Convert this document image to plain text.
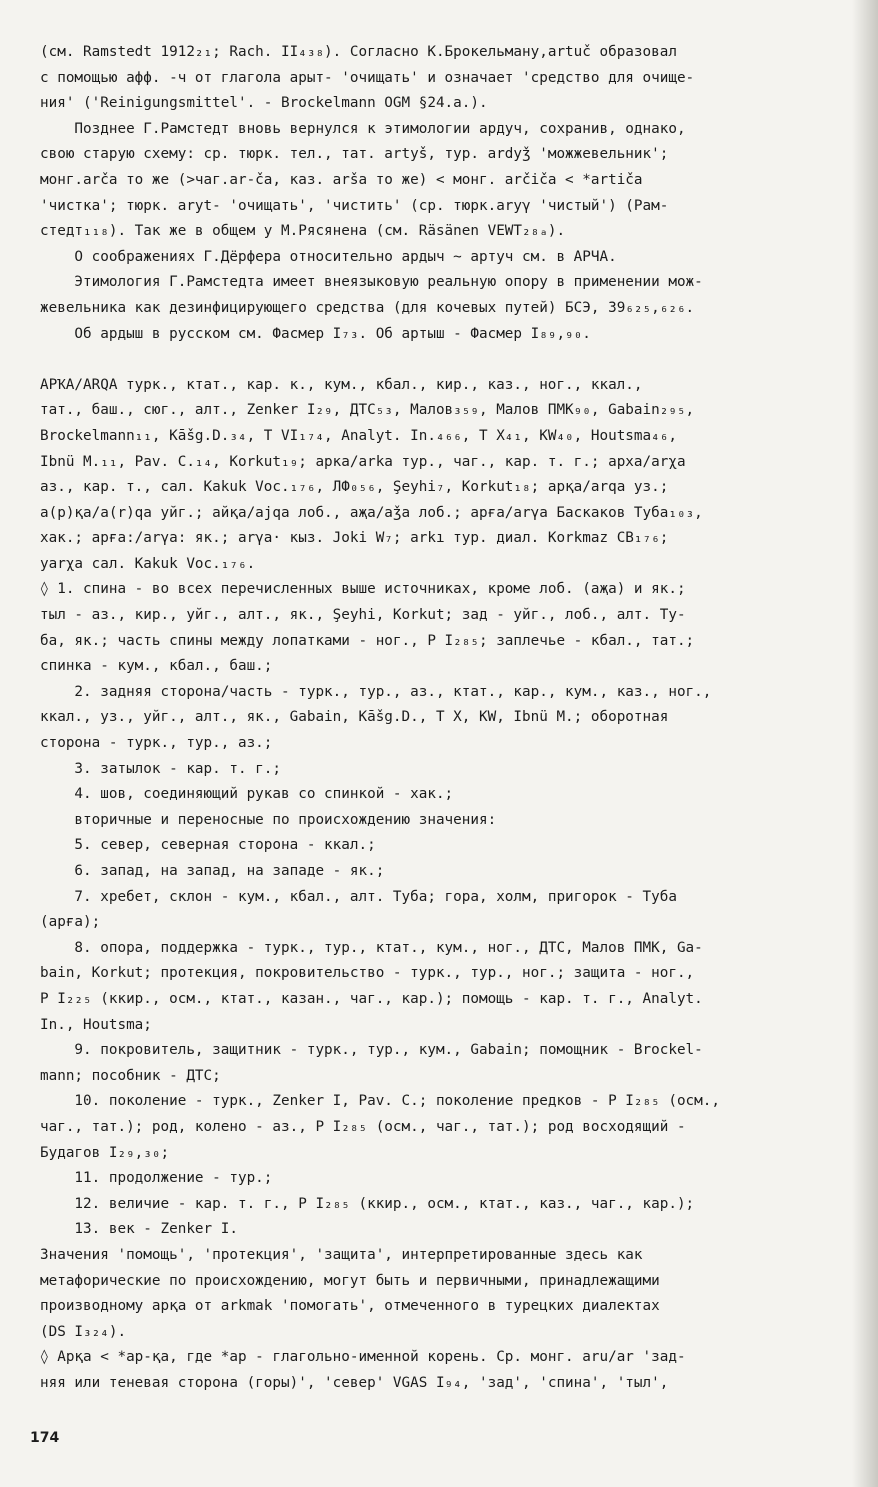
(см. Ramstedt 1912₂₁; Rach. II₄₃₈). Согласно К.Брокельману,artuč образовал
с помощью афф. -ч от глагола арыт- 'очищать' и означает 'средство для очище-
ния' ('Reinigungsmittel'. - Brockelmann OGM §24.a.).
Позднее Г.Рамстедт вновь вернулся к этимологии ардуч, сохранив, однако,
свою старую схему: ср. тюрк. тел., тат. artyš, тур. ardyǯ 'можжевельник';
монг.arča то же (>чаг.ar-ča, каз. arša то же) < монг. arčiča < *artiča
'чистка'; тюрк. aryt- 'очищать', 'чистить' (ср. тюрк.aryγ 'чистый') (Рам-
стедт₁₁₈). Так же в общем у М.Рясянена (см. Räsänen VEWT₂₈ₐ).
О соображениях Г.Дёрфера относительно ардыч ~ артуч см. в АРЧА.
Этимология Г.Рамстедта имеет внеязыковую реальную опору в применении мож-
жевельника как дезинфицирующего средства (для кочевых путей) БСЭ, 39₆₂₅,₆₂₆.
Об ардыш в русском см. Фасмер I₇₃. Об артыш - Фасмер I₈₉,₉₀.
АРҠА/ARQA турк., ктат., кар. к., кум., кбал., кир., каз., ног., ккал.,
тат., баш., сюг., алт., Zenker I₂₉, ДТС₅₃, Малов₃₅₉, Малов ПМК₉₀, Gabain₂₉₅,
Brockelmann₁₁, Kāšg.D.₃₄, T VI₁₇₄, Analyt. In.₄₆₆, T X₄₁, KW₄₀, Houtsma₄₆,
Ibnü M.₁₁, Pav. C.₁₄, Korkut₁₉; арка/arka тур., чаг., кар. т. г.; арха/arχa
аз., кар. т., сал. Kakuk Voc.₁₇₆, ЛФ₀₅₆, Şeyhi₇, Korkut₁₈; арқа/arqa уз.;
а(р)қа/a(r)qa уйг.; айқа/ajqa лоб., аҗа/aǯa лоб.; арға/arγa Баскаков Туба₁₀₃,
хак.; арға:/arγa: як.; arγa· кыз. Joki W₇; arkı тур. диал. Korkmaz CB₁₇₆;
yarχa сал. Kakuk Voc.₁₇₆.
◊ 1. спина - во всех перечисленных выше источниках, кроме лоб. (аҗа) и як.;
тыл - аз., кир., уйг., алт., як., Şeyhi, Korkut; зад - уйг., лоб., алт. Ту-
ба, як.; часть спины между лопатками - ног., Р I₂₈₅; заплечье - кбал., тат.;
спинка - кум., кбал., баш.;
2. задняя сторона/часть - турк., тур., аз., ктат., кар., кум., каз., ног.,
ккал., уз., уйг., алт., як., Gabain, Kāšg.D., T X, KW, Ibnü M.; оборотная
сторона - турк., тур., аз.;
3. затылок - кар. т. г.;
4. шов, соединяющий рукав со спинкой - хак.;
вторичные и переносные по происхождению значения:
5. север, северная сторона - ккал.;
6. запад, на запад, на западе - як.;
7. хребет, склон - кум., кбал., алт. Туба; гора, холм, пригорок - Туба
(арға);
8. опора, поддержка - турк., тур., ктат., кум., ног., ДТС, Малов ПМК, Ga-
bain, Korkut; протекция, покровительство - турк., тур., ног.; защита - ног.,
Р I₂₂₅ (ккир., осм., ктат., казан., чаг., кар.); помощь - кар. т. г., Analyt.
In., Houtsma;
9. покровитель, защитник - турк., тур., кум., Gabain; помощник - Brockel-
mann; пособник - ДТС;
10. поколение - турк., Zenker I, Pav. C.; поколение предков - Р I₂₈₅ (осм.,
чаг., тат.); род, колено - аз., Р I₂₈₅ (осм., чаг., тат.); род восходящий -
Будагов I₂₉,₃₀;
11. продолжение - тур.;
12. величие - кар. т. г., Р I₂₈₅ (ккир., осм., ктат., каз., чаг., кар.);
13. век - Zenker I.
Значения 'помощь', 'протекция', 'защита', интерпретированные здесь как
метафорические по происхождению, могут быть и первичными, принадлежащими
производному арқа от arkmak 'помогать', отмеченного в турецких диалектах
(DS I₃₂₄).
◊ Арқа < *ар-қа, где *ар - глагольно-именной корень. Ср. монг. aru/ar 'зад-
няя или теневая сторона (горы)', 'север' VGAS I₉₄, 'зад', 'спина', 'тыл',
174
